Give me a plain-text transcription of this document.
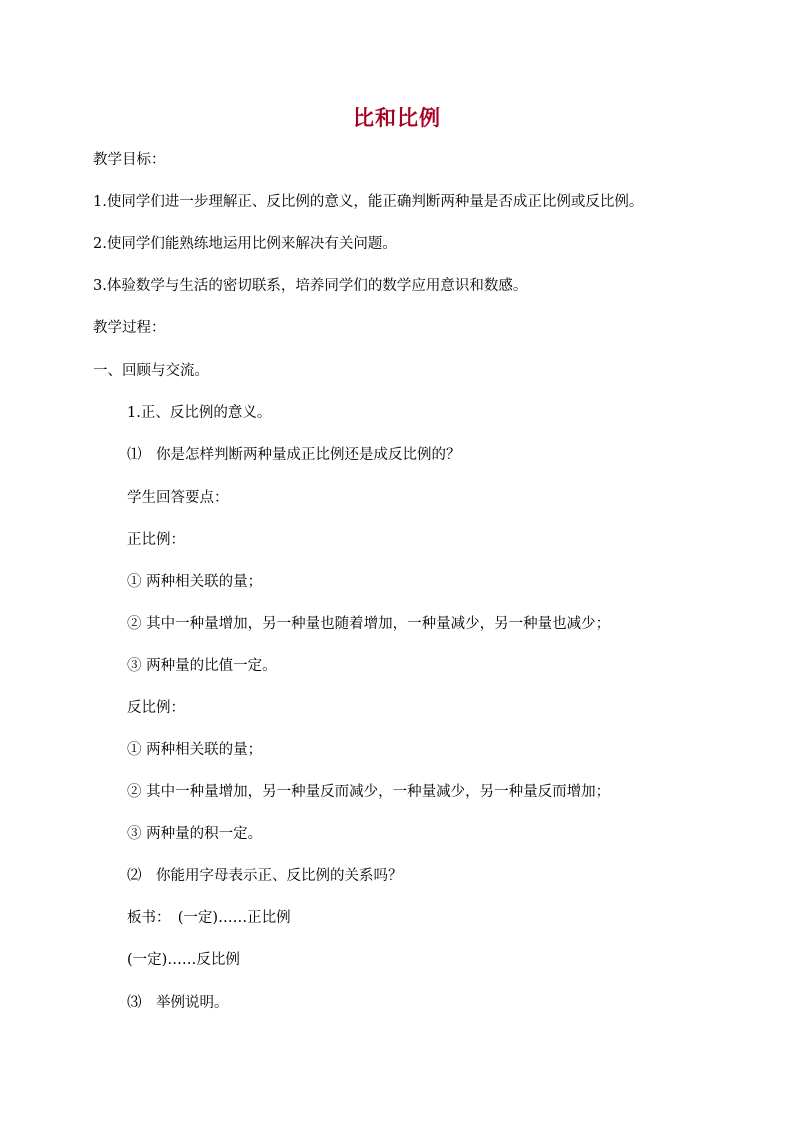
比和比例
教学目标：
1.使同学们进一步理解正、反比例的意义，能正确判断两种量是否成正比例或反比例。
2.使同学们能熟练地运用比例来解决有关问题。
3.体验数学与生活的密切联系，培养同学们的数学应用意识和数感。
教学过程：
一、回顾与交流。
1.正、反比例的意义。
⑴　你是怎样判断两种量成正比例还是成反比例的？
学生回答要点：
正比例：
① 两种相关联的量；
② 其中一种量增加，另一种量也随着增加，一种量减少，另一种量也减少；
③ 两种量的比值一定。
反比例：
① 两种相关联的量；
② 其中一种量增加，另一种量反而减少，一种量减少，另一种量反而增加；
③ 两种量的积一定。
⑵　你能用字母表示正、反比例的关系吗？
板书：　(一定)……正比例
(一定)……反比例
⑶　举例说明。
